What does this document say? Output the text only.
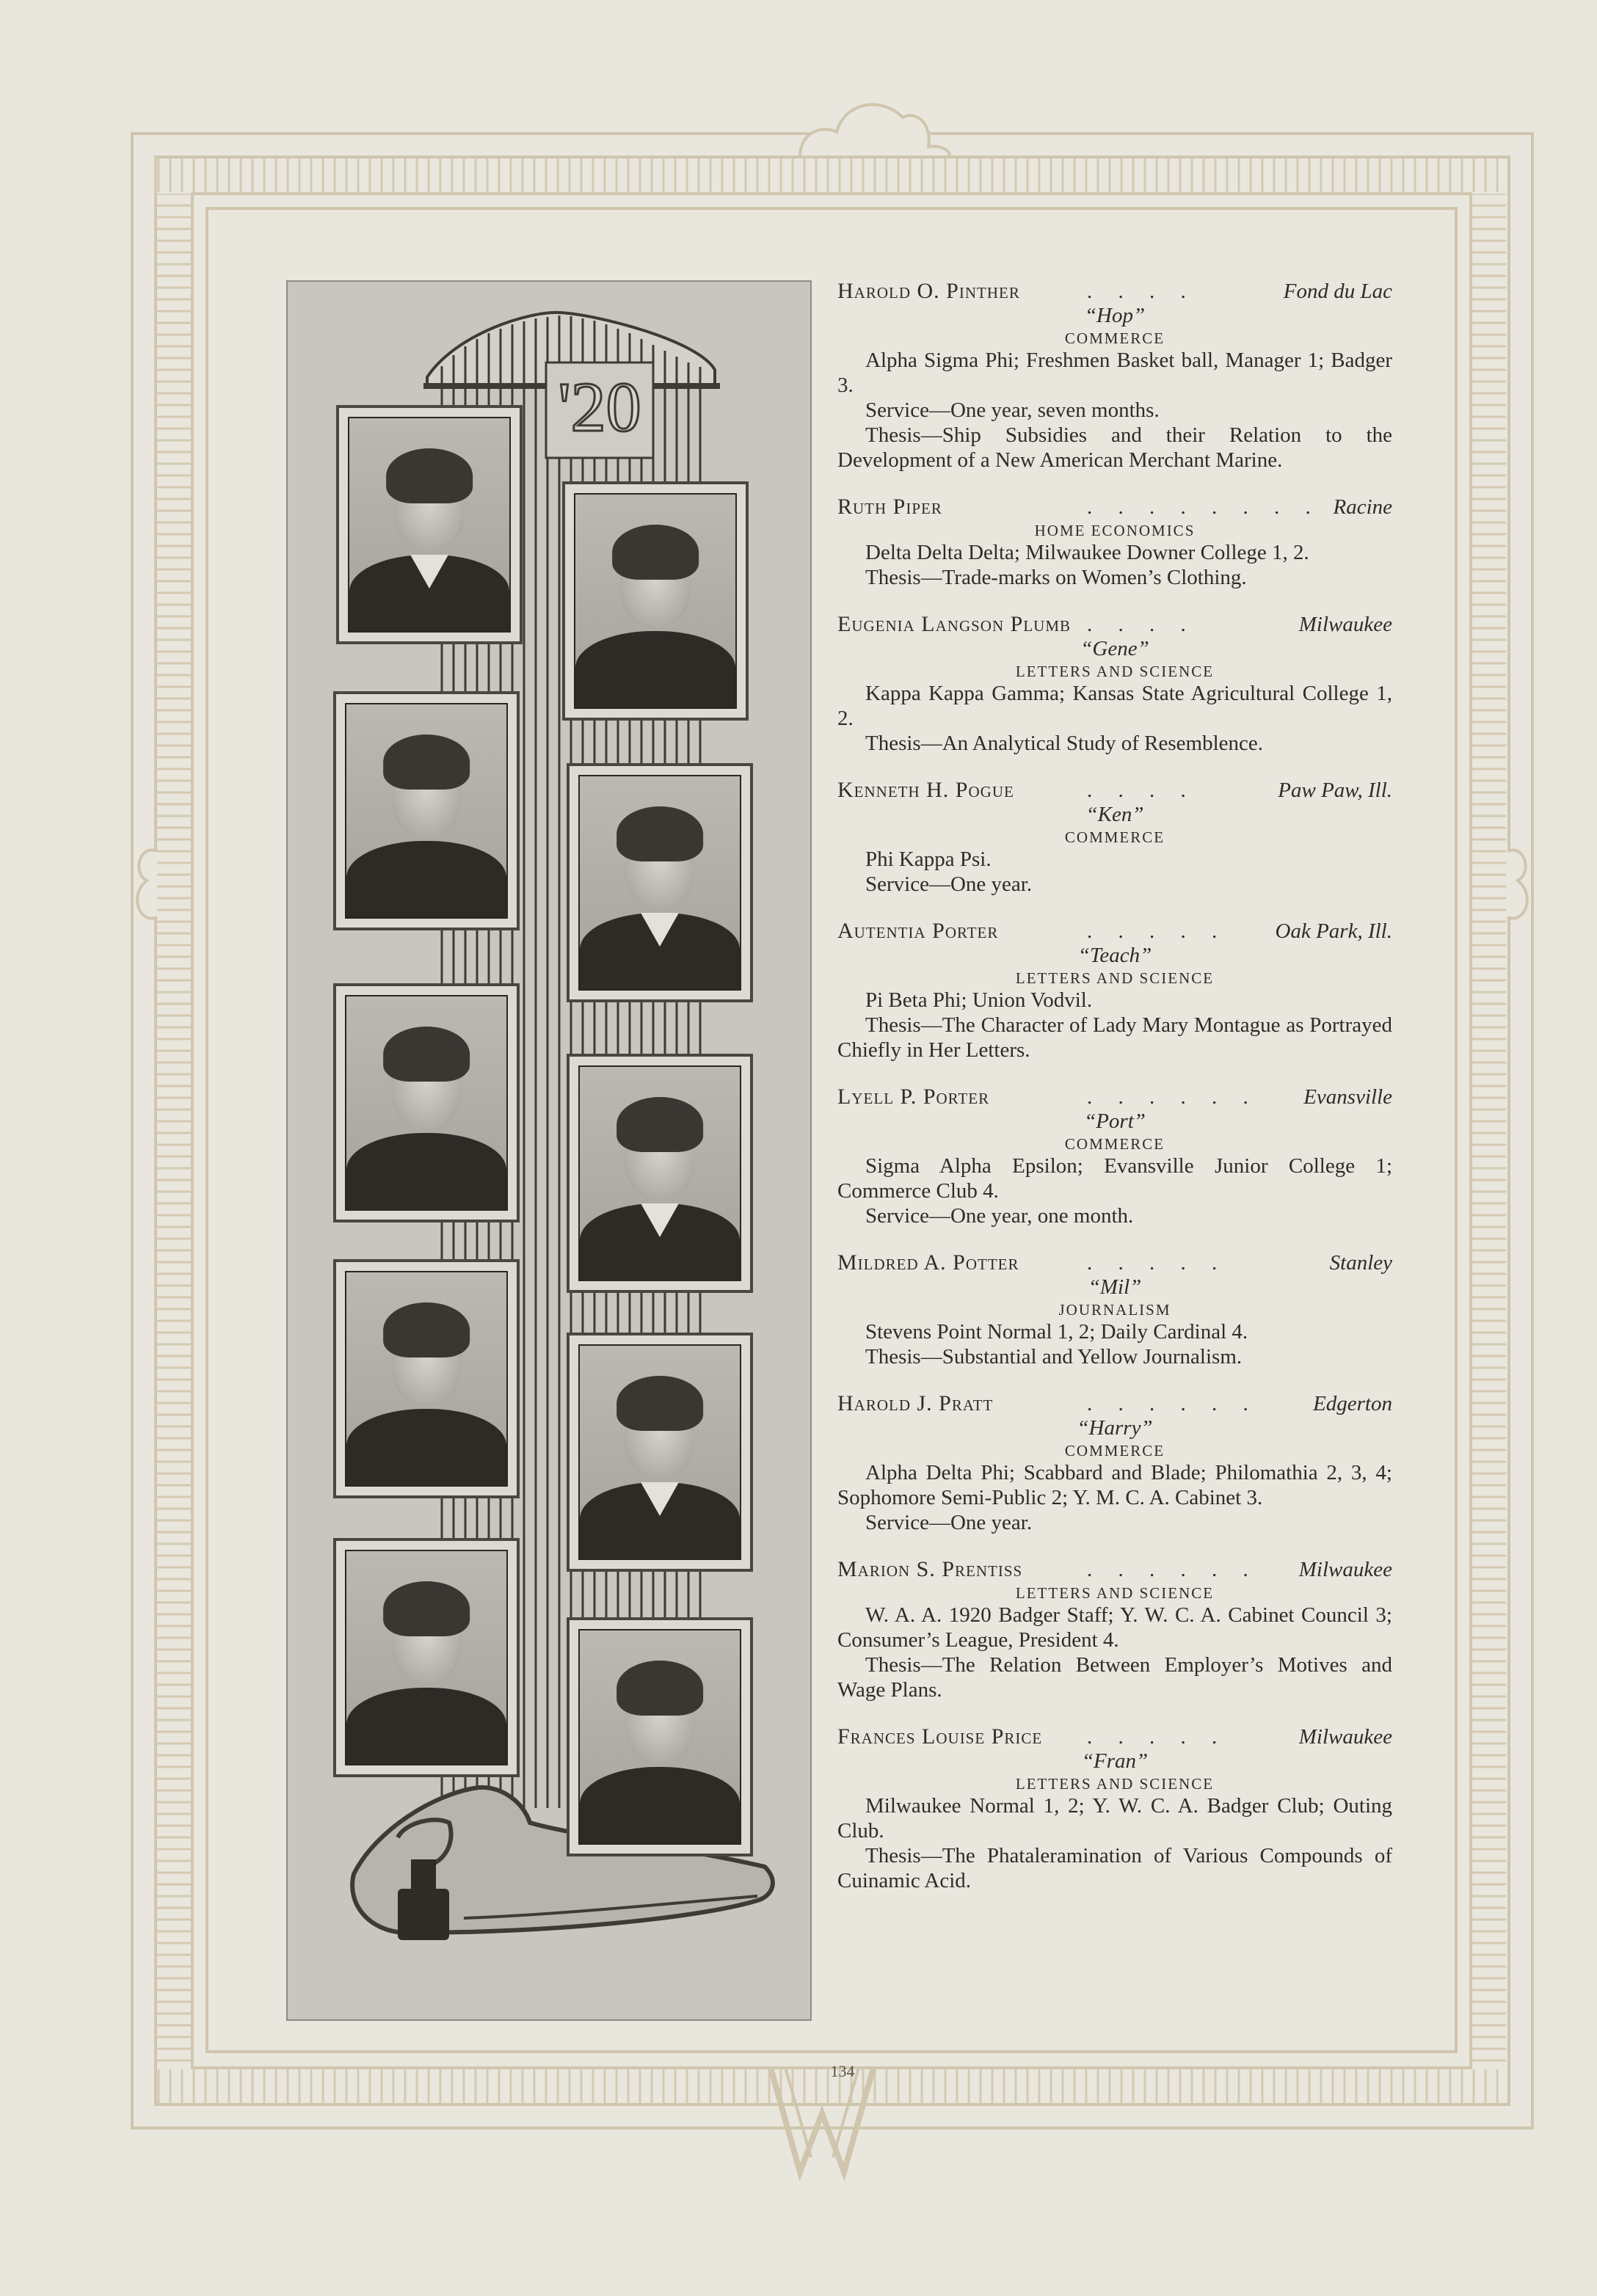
'20
Harold O. Pinther	. . . .	Fond du Lac
“Hop”
COMMERCE

Alpha Sigma Phi; Freshmen Basket ball, Manager 1; Badger 3.

Service—One year, seven months.

Thesis—Ship Subsidies and their Relation to the Development of a New American Merchant Marine.

Ruth Piper	. . . . . . . . Racine
HOME ECONOMICS

Delta Delta Delta; Milwaukee Downer College 1, 2.

Thesis—Trade-marks on Women’s Clothing.

Eugenia Langson Plumb . . . .	Milwaukee
“Gene”
LETTERS AND SCIENCE

Kappa Kappa Gamma; Kansas State Agricultural College 1, 2.

Thesis—An Analytical Study of Resemblence.

Kenneth H. Pogue	. . . .	Paw Paw, Ill.
“Ken”
COMMERCE

Phi Kappa Psi.

Service—One year.

Autentia Porter	. . . . . Oak Park, Ill.
“Teach”
LETTERS AND SCIENCE

Pi Beta Phi; Union Vodvil.

Thesis—The Character of Lady Mary Montague as Portrayed Chiefly in Her Letters.

Lyell P. Porter	. . . . . . Evansville
“Port”
COMMERCE

Sigma Alpha Epsilon; Evansville Junior College 1; Commerce Club 4.

Service—One year, one month.

Mildred A. Potter	. . . . .	Stanley
“Mil”
JOURNALISM

Stevens Point Normal 1, 2; Daily Cardinal 4.

Thesis—Substantial and Yellow Journalism.

Harold J. Pratt	. . . . . .	Edgerton
“Harry”
COMMERCE

Alpha Delta Phi; Scabbard and Blade; Philomathia 2, 3, 4; Sophomore Semi-Public 2; Y. M. C. A. Cabinet 3.

Service—One year.

Marion S. Prentiss	. . . . . . Milwaukee
LETTERS AND SCIENCE

W. A. A. 1920 Badger Staff; Y. W. C. A. Cabinet Council 3; Consumer’s League, President 4.

Thesis—The Relation Between Employer’s Motives and Wage Plans.

Frances Louise Price . . . . .	Milwaukee
“Fran”
LETTERS AND SCIENCE

Milwaukee Normal 1, 2; Y. W. C. A. Badger Club; Outing Club.

Thesis—The Phataleramination of Various Compounds of Cuinamic Acid.

134
